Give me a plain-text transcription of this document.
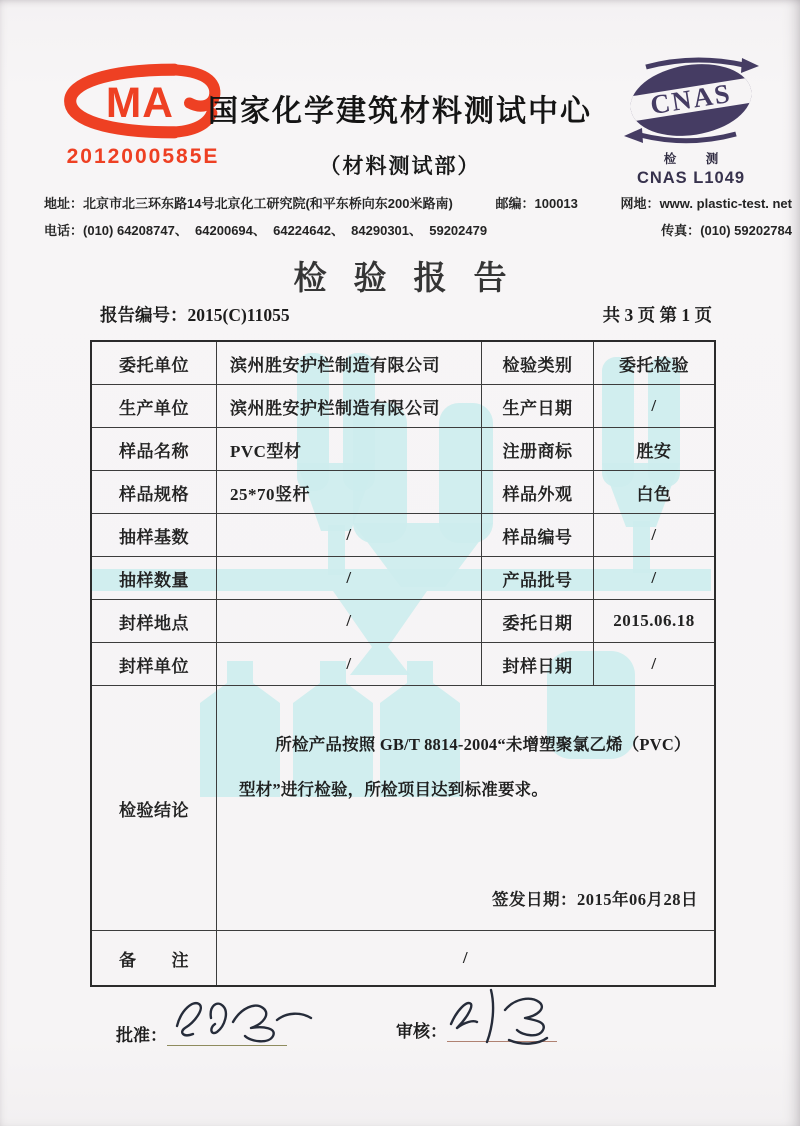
MA
2012000585E
国家化学建筑材料测试中心
（材料测试部）
CNAS
检 测
CNAS L1049
地址：北京市北三环东路14号北京化工研究院(和平东桥向东200米路南)	邮编：100013	网地：www. plastic-test. net
电话：(010) 64208747、  64200694、  64224642、  84290301、  59202479	传真：(010) 59202784
检验报告
报告编号：2015(C)11055	共 3 页 第 1 页
委托单位	滨州胜安护栏制造有限公司	检验类别	委托检验
生产单位	滨州胜安护栏制造有限公司	生产日期	/
样品名称	PVC型材	注册商标	胜安
样品规格	25*70竖杆	样品外观	白色
抽样基数	/	样品编号	/
抽样数量	/	产品批号	/
封样地点	/	委托日期	2015.06.18
封样单位	/	封样日期	/
检验结论
所检产品按照 GB/T 8814-2004“未增塑聚氯乙烯（PVC）型材”进行检验，所检项目达到标准要求。
签发日期：2015年06月28日
备　　注	/
批准：	审核：
